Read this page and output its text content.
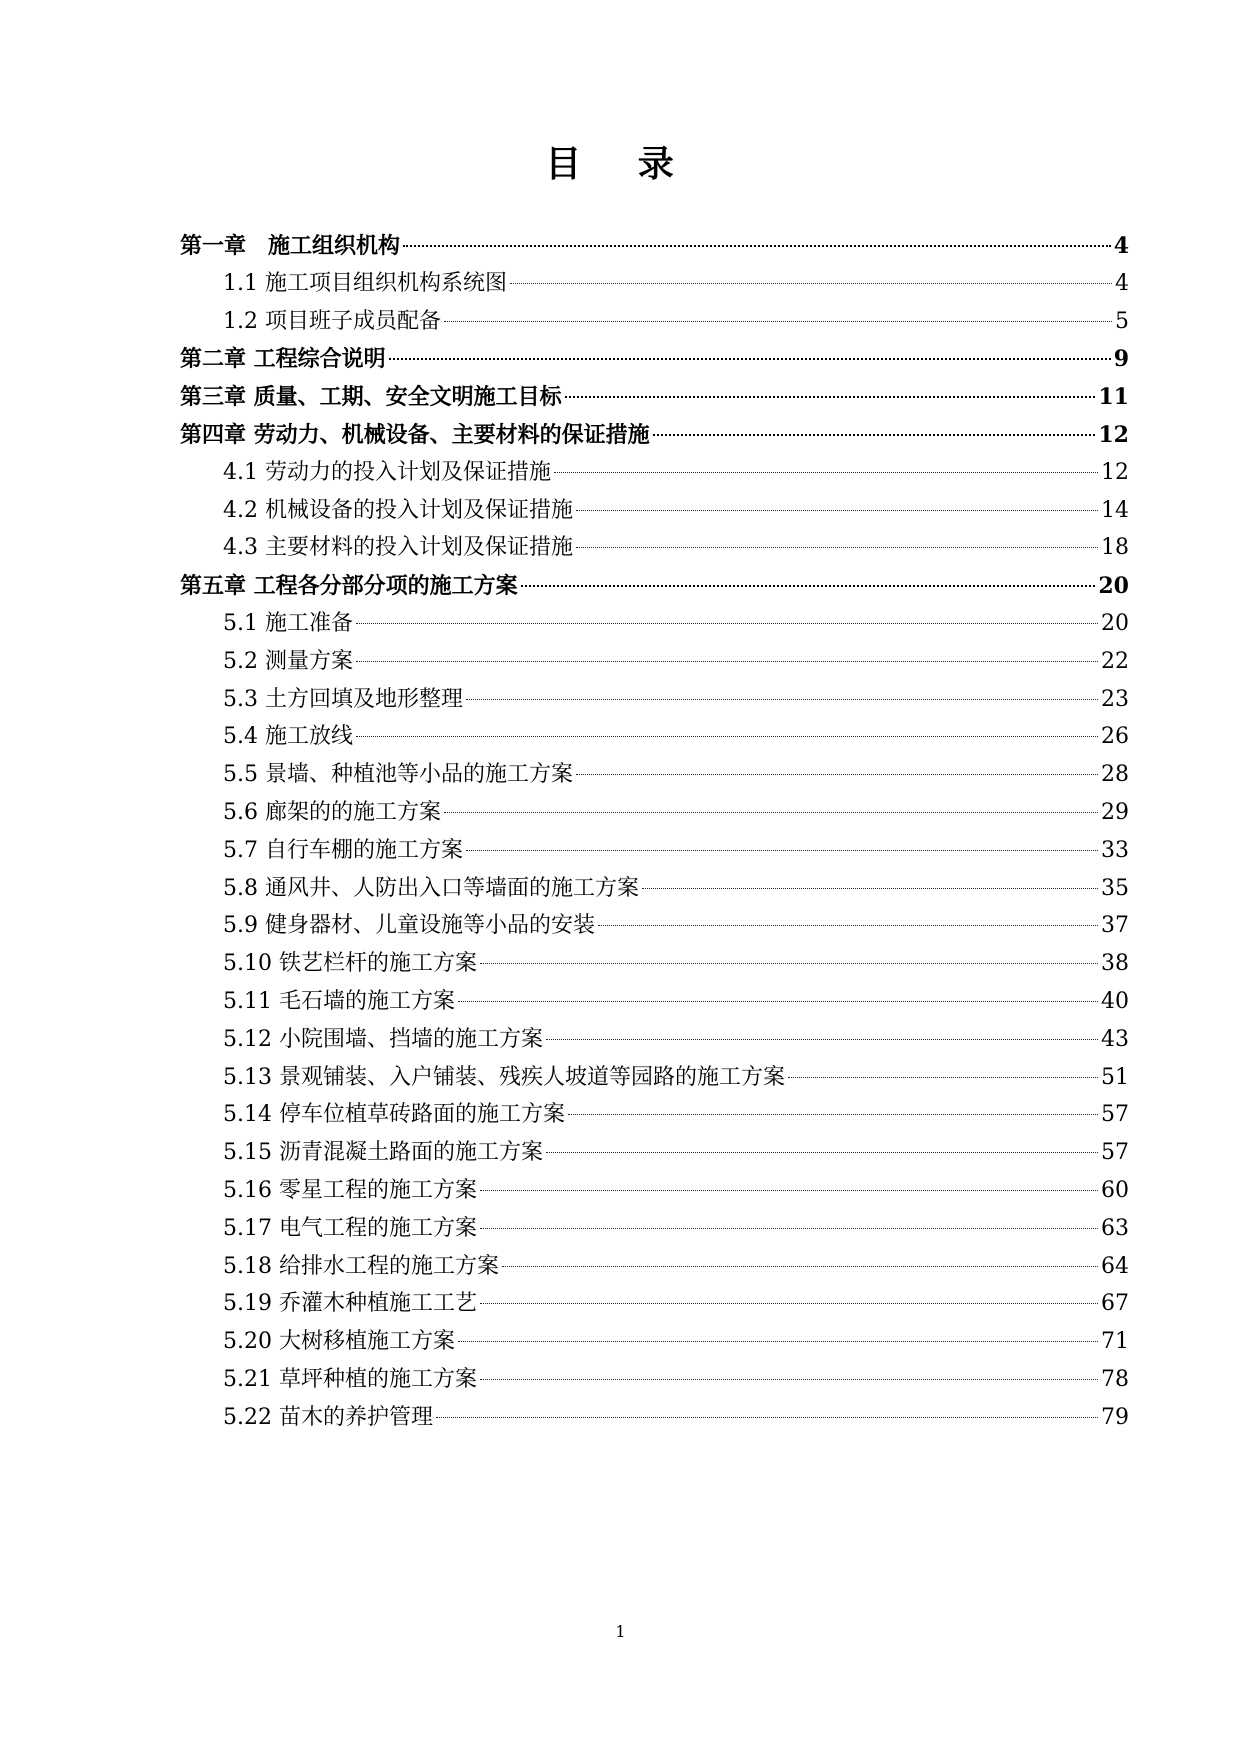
目 录
第一章　施工组织机构	4
1.1 施工项目组织机构系统图	4
1.2 项目班子成员配备	5
第二章 工程综合说明	9
第三章 质量、工期、安全文明施工目标	11
第四章 劳动力、机械设备、主要材料的保证措施	12
4.1 劳动力的投入计划及保证措施	12
4.2 机械设备的投入计划及保证措施	14
4.3 主要材料的投入计划及保证措施	18
第五章 工程各分部分项的施工方案	20
5.1 施工准备	20
5.2 测量方案	22
5.3 土方回填及地形整理	23
5.4 施工放线	26
5.5 景墙、种植池等小品的施工方案	28
5.6 廊架的的施工方案	29
5.7 自行车棚的施工方案	33
5.8 通风井、人防出入口等墙面的施工方案	35
5.9 健身器材、儿童设施等小品的安装	37
5.10 铁艺栏杆的施工方案	38
5.11 毛石墙的施工方案	40
5.12 小院围墙、挡墙的施工方案	43
5.13 景观铺装、入户铺装、残疾人坡道等园路的施工方案	51
5.14 停车位植草砖路面的施工方案	57
5.15 沥青混凝土路面的施工方案	57
5.16 零星工程的施工方案	60
5.17 电气工程的施工方案	63
5.18 给排水工程的施工方案	64
5.19 乔灌木种植施工工艺	67
5.20 大树移植施工方案	71
5.21 草坪种植的施工方案	78
5.22 苗木的养护管理	79
1
